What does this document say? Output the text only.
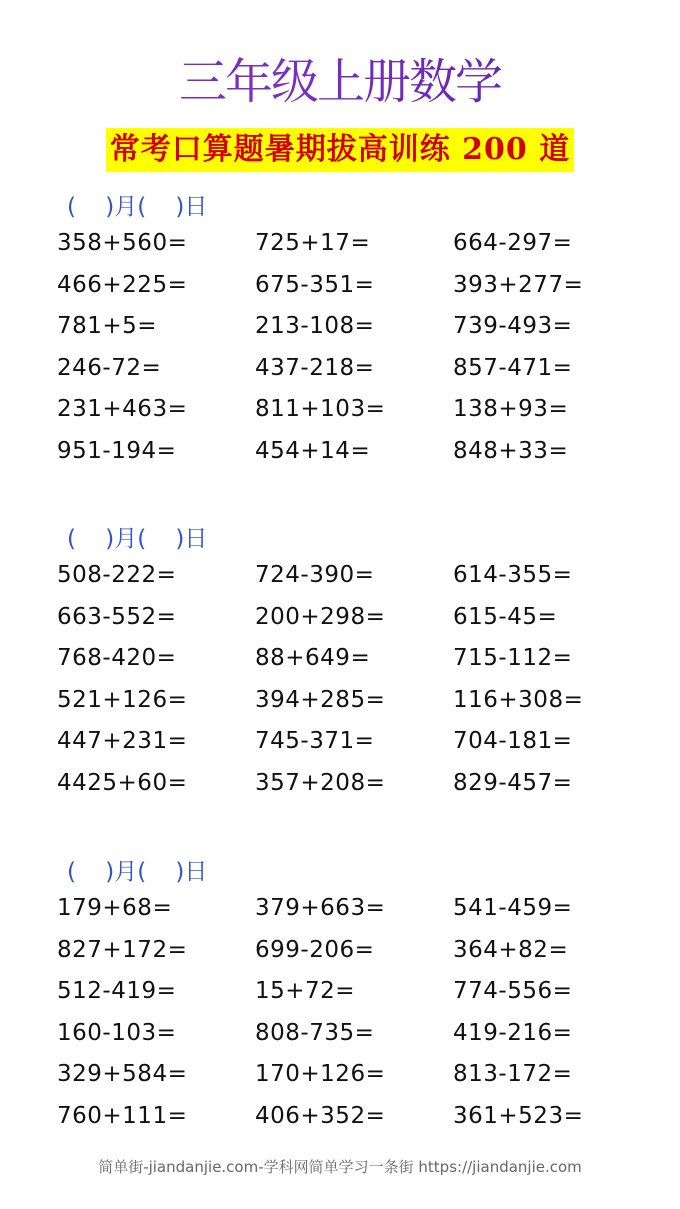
三年级上册数学
常考口算题暑期拔高训练 200 道
(    )月(    )日
358+560=	725+17=	664-297=
466+225=	675-351=	393+277=
781+5=	213-108=	739-493=
246-72=	437-218=	857-471=
231+463=	811+103=	138+93=
951-194=	454+14=	848+33=
(    )月(    )日
508-222=	724-390=	614-355=
663-552=	200+298=	615-45=
768-420=	88+649=	715-112=
521+126=	394+285=	116+308=
447+231=	745-371=	704-181=
4425+60=	357+208=	829-457=
(    )月(    )日
179+68=	379+663=	541-459=
827+172=	699-206=	364+82=
512-419=	15+72=	774-556=
160-103=	808-735=	419-216=
329+584=	170+126=	813-172=
760+111=	406+352=	361+523=
简单街-jiandanjie.com-学科网简单学习一条街 https://jiandanjie.com
